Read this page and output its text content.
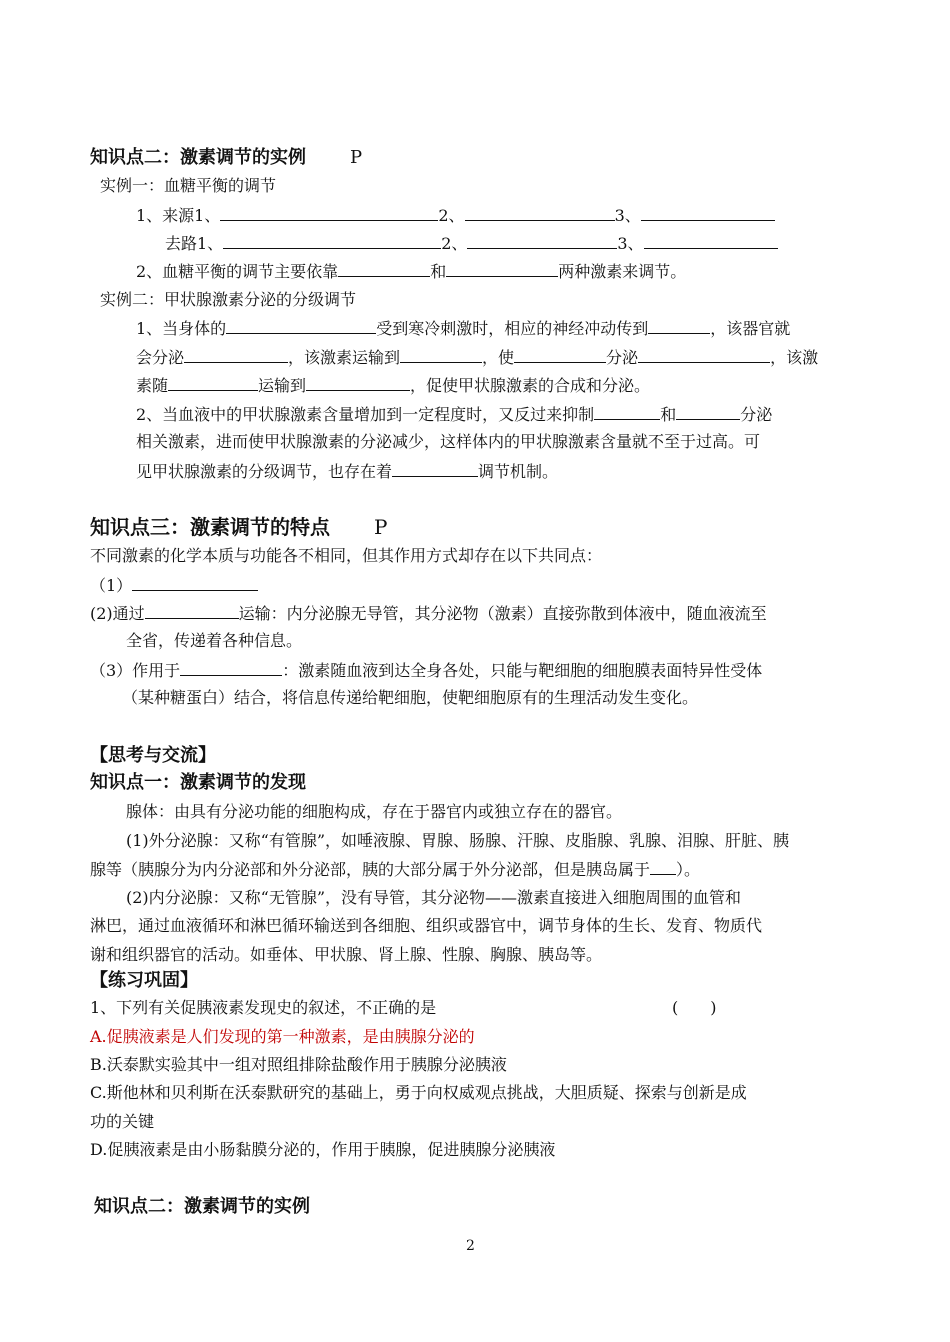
知识点二：激素调节的实例 P
实例一：血糖平衡的调节
1、来源1、	2、	3、
去路1、	2、	3、
2、血糖平衡的调节主要依靠	和	两种激素来调节。
实例二：甲状腺激素分泌的分级调节
1、当身体的	受到寒冷刺激时，相应的神经冲动传到	，该器官就
会分泌	，该激素运输到	，使	分泌	，该激
素随	运输到	，促使甲状腺激素的合成和分泌。
2、当血液中的甲状腺激素含量增加到一定程度时，又反过来抑制	和	分泌
相关激素，进而使甲状腺激素的分泌减少，这样体内的甲状腺激素含量就不至于过高。可
见甲状腺激素的分级调节，也存在着	调节机制。
知识点三：激素调节的特点 P
不同激素的化学本质与功能各不相同，但其作用方式却存在以下共同点：
（1）
(2)通过	运输：内分泌腺无导管，其分泌物（激素）直接弥散到体液中，随血液流至
全省，传递着各种信息。
（3）作用于	：激素随血液到达全身各处，只能与靶细胞的细胞膜表面特异性受体
（某种糖蛋白）结合，将信息传递给靶细胞，使靶细胞原有的生理活动发生变化。
【思考与交流】
知识点一：激素调节的发现
腺体：由具有分泌功能的细胞构成，存在于器官内或独立存在的器官。
(1)外分泌腺：又称“有管腺”，如唾液腺、胃腺、肠腺、汗腺、皮脂腺、乳腺、泪腺、肝脏、胰
腺等（胰腺分为内分泌部和外分泌部，胰的大部分属于外分泌部，但是胰岛属于 ）。
(2)内分泌腺：又称“无管腺”，没有导管，其分泌物——激素直接进入细胞周围的血管和
淋巴，通过血液循环和淋巴循环输送到各细胞、组织或器官中，调节身体的生长、发育、物质代
谢和组织器官的活动。如垂体、甲状腺、肾上腺、性腺、胸腺、胰岛等。
【练习巩固】
1、下列有关促胰液素发现史的叙述，不正确的是	(　　)
A.促胰液素是人们发现的第一种激素，是由胰腺分泌的
B.沃泰默实验其中一组对照组排除盐酸作用于胰腺分泌胰液
C.斯他林和贝利斯在沃泰默研究的基础上，勇于向权威观点挑战，大胆质疑、探索与创新是成
功的关键
D.促胰液素是由小肠黏膜分泌的，作用于胰腺，促进胰腺分泌胰液
知识点二：激素调节的实例
2
